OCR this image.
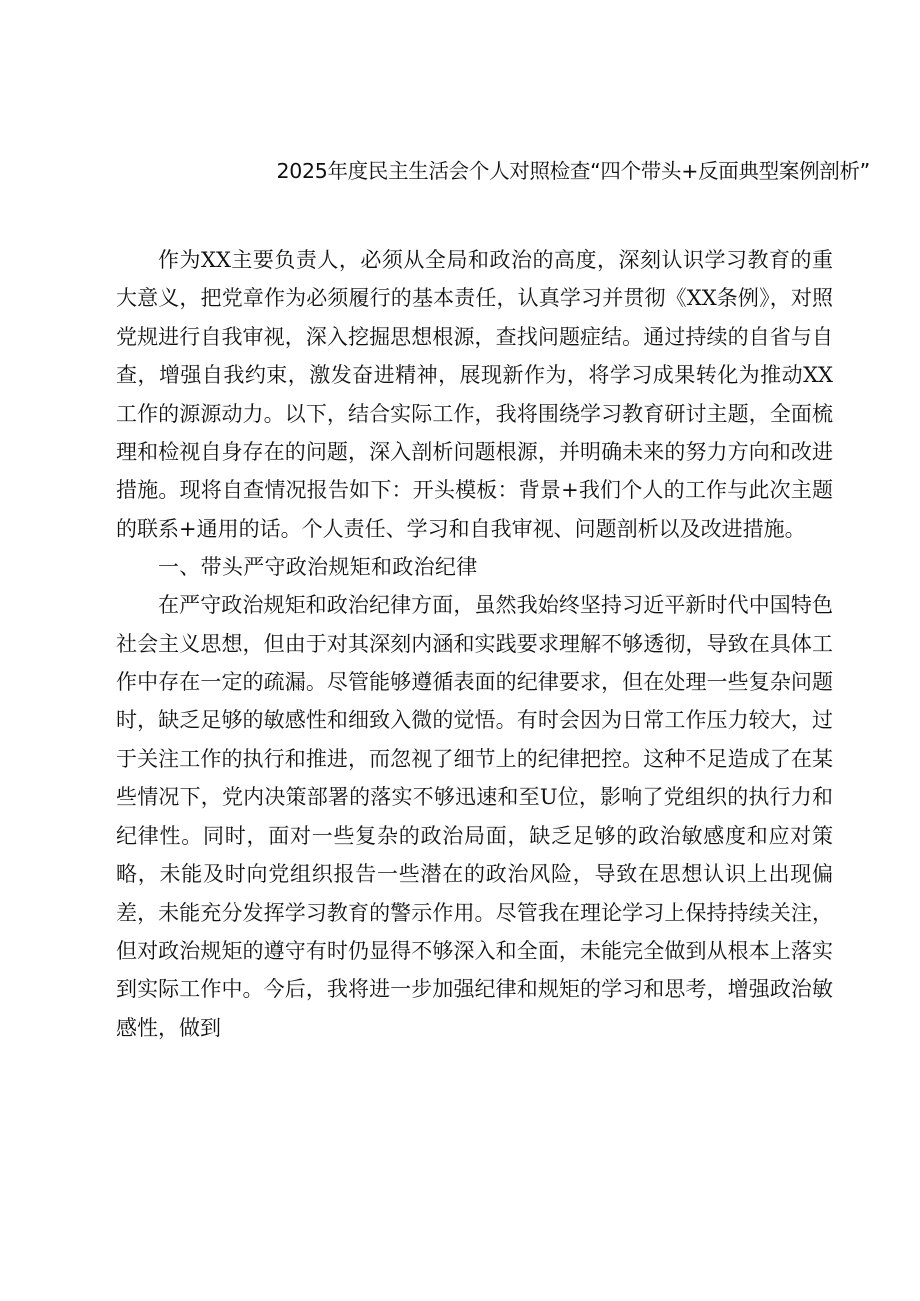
2025年度民主生活会个人对照检查“四个带头+反面典型案例剖析”

作为XX主要负责人，必须从全局和政治的高度，深刻认识学习教育的重大意义，把党章作为必须履行的基本责任，认真学习并贯彻《XX条例》，对照党规进行自我审视，深入挖掘思想根源，查找问题症结。通过持续的自省与自查，增强自我约束，激发奋进精神，展现新作为，将学习成果转化为推动XX工作的源源动力。以下，结合实际工作，我将围绕学习教育研讨主题，全面梳理和检视自身存在的问题，深入剖析问题根源，并明确未来的努力方向和改进措施。现将自查情况报告如下：开头模板：背景+我们个人的工作与此次主题的联系+通用的话。个人责任、学习和自我审视、问题剖析以及改进措施。

一、带头严守政治规矩和政治纪律

在严守政治规矩和政治纪律方面，虽然我始终坚持习近平新时代中国特色社会主义思想，但由于对其深刻内涵和实践要求理解不够透彻，导致在具体工作中存在一定的疏漏。尽管能够遵循表面的纪律要求，但在处理一些复杂问题时，缺乏足够的敏感性和细致入微的觉悟。有时会因为日常工作压力较大，过于关注工作的执行和推进，而忽视了细节上的纪律把控。这种不足造成了在某些情况下，党内决策部署的落实不够迅速和至U位，影响了党组织的执行力和纪律性。同时，面对一些复杂的政治局面，缺乏足够的政治敏感度和应对策略，未能及时向党组织报告一些潜在的政治风险，导致在思想认识上出现偏差，未能充分发挥学习教育的警示作用。尽管我在理论学习上保持持续关注，但对政治规矩的遵守有时仍显得不够深入和全面，未能完全做到从根本上落实到实际工作中。今后，我将进一步加强纪律和规矩的学习和思考，增强政治敏感性，做到
